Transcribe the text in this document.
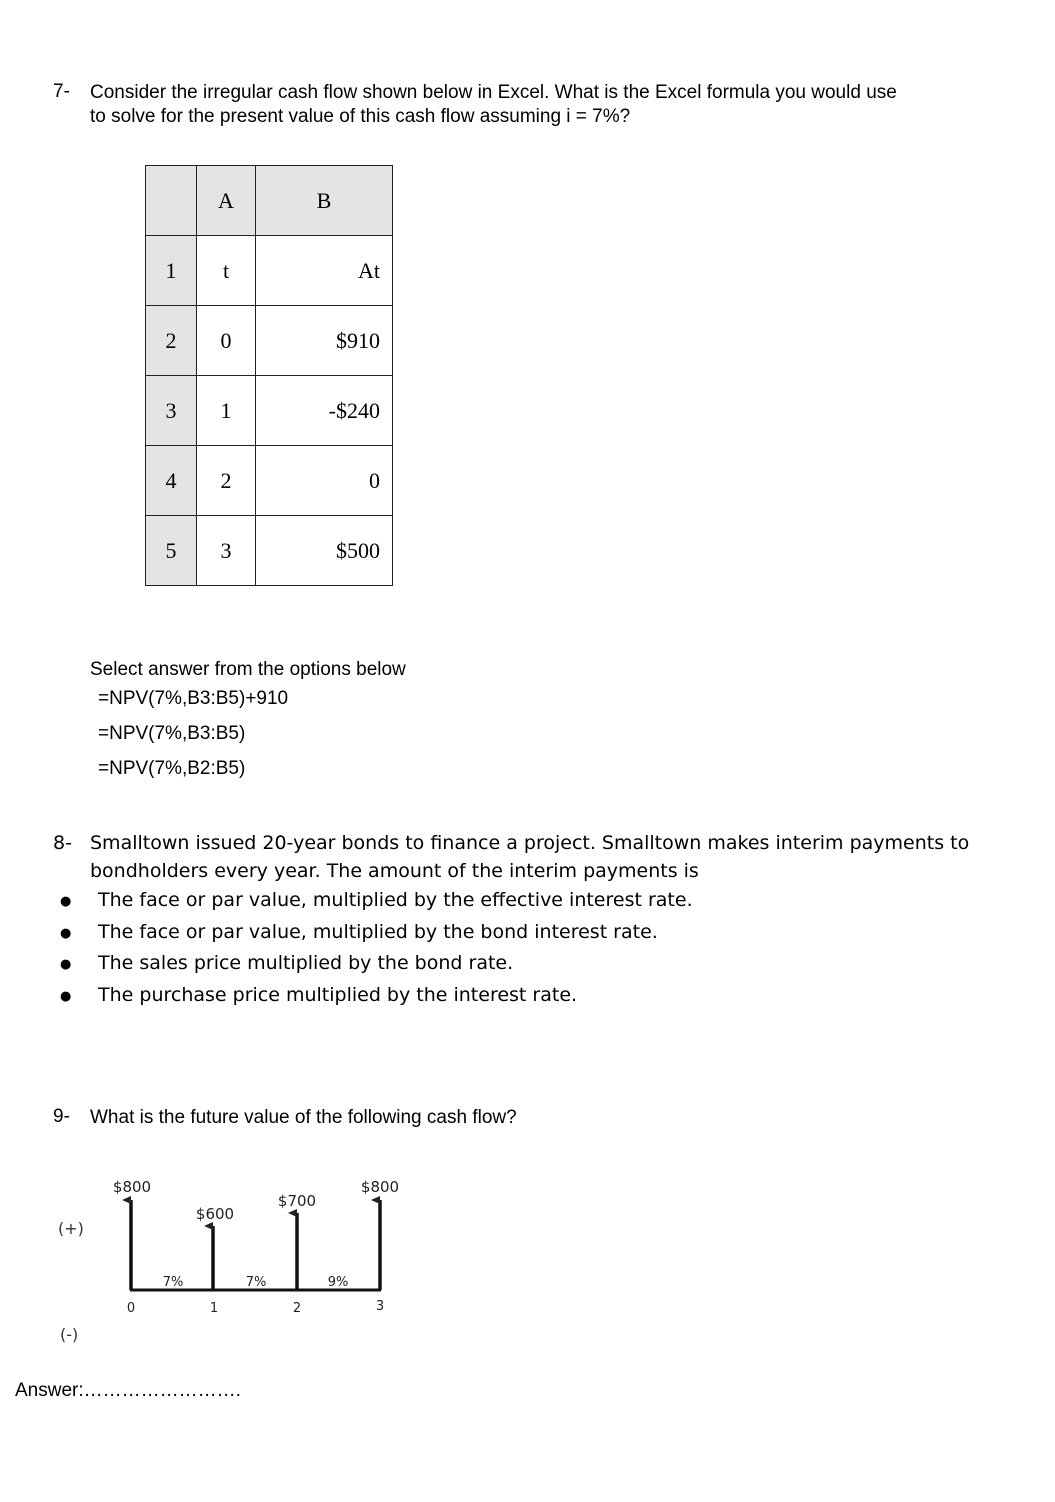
7- Consider the irregular cash flow shown below in Excel. What is the Excel formula you would use
to solve for the present value of this cash flow assuming i = 7%?
	A	B
1	t	At
2	0	$910
3	1	-$240
4	2	0
5	3	$500
Select answer from the options below
=NPV(7%,B3:B5)+910
=NPV(7%,B3:B5)
=NPV(7%,B2:B5)
8- Smalltown issued 20-year bonds to finance a project. Smalltown makes interim payments to
bondholders every year. The amount of the interim payments is
● The face or par value, multiplied by the effective interest rate.
● The face or par value, multiplied by the bond interest rate.
● The sales price multiplied by the bond rate.
● The purchase price multiplied by the interest rate.
9- What is the future value of the following cash flow?
(+)
(-)
$800
$600
$700
$800
7%	7%	9%
0	1	2	3
Answer:…………………….
